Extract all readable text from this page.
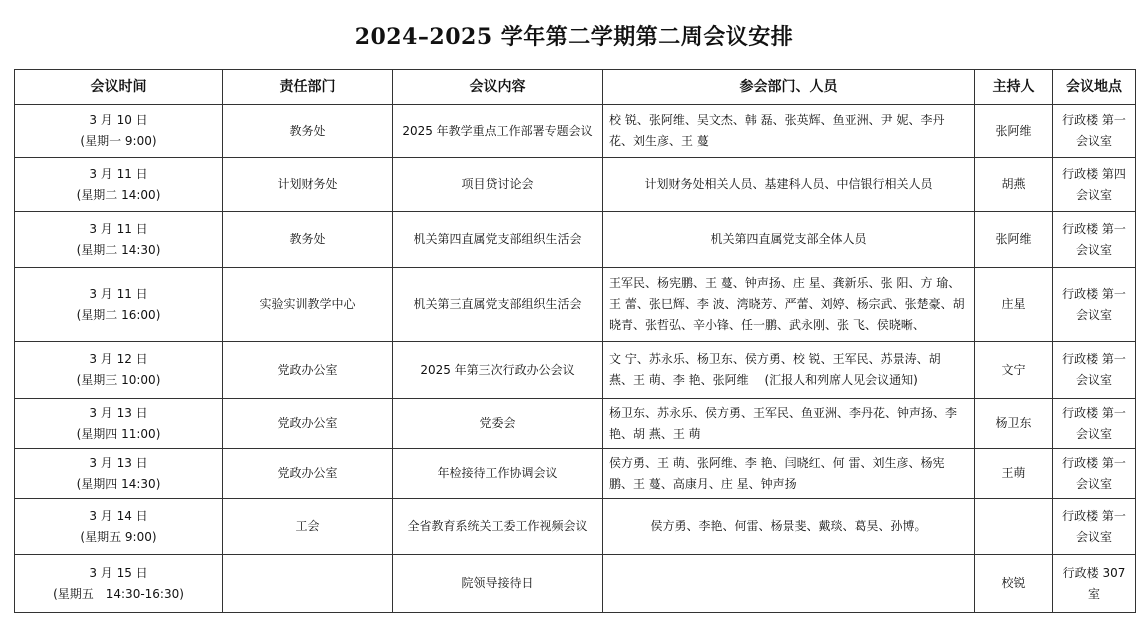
2024–2025 学年第二学期第二周会议安排
会议时间	责任部门	会议内容	参会部门、人员	主持人	会议地点

3 月 10 日
(星期一 9:00)	教务处	2025 年教学重点工作部署专题会议	校 锐、张阿维、吴文杰、韩 磊、张英辉、鱼亚洲、尹 妮、李丹花、刘生彦、王 蔓	张阿维	行政楼 第一会议室

3 月 11 日
(星期二 14:00)	计划财务处	项目贷讨论会	计划财务处相关人员、基建科人员、中信银行相关人员	胡燕	行政楼 第四会议室

3 月 11 日
(星期二 14:30)	教务处	机关第四直属党支部组织生活会	机关第四直属党支部全体人员	张阿维	行政楼 第一会议室

3 月 11 日
(星期二 16:00)	实验实训教学中心	机关第三直属党支部组织生活会	王军民、杨宪鹏、王 蔓、钟声扬、庄 星、龚新乐、张 阳、方 瑜、王 蕾、张巳辉、李 波、湾晓芳、严蕾、刘婷、杨宗武、张楚豪、胡晓青、张哲弘、辛小锋、任一鹏、武永刚、张 飞、侯晓晰、	庄星	行政楼 第一会议室

3 月 12 日
(星期三 10:00)	党政办公室	2025 年第三次行政办公会议	文 宁、苏永乐、杨卫东、侯方勇、校 锐、王军民、苏景涛、胡 燕、王 萌、李 艳、张阿维 　(汇报人和列席人见会议通知)	文宁	行政楼 第一会议室

3 月 13 日
(星期四 11:00)	党政办公室	党委会	杨卫东、苏永乐、侯方勇、王军民、鱼亚洲、李丹花、钟声扬、李 艳、胡 燕、王 萌	杨卫东	行政楼 第一会议室

3 月 13 日
(星期四 14:30)	党政办公室	年检接待工作协调会议	侯方勇、王 萌、张阿维、李 艳、闫晓红、何 雷、刘生彦、杨宪鹏、王 蔓、高康月、庄 星、钟声扬	王萌	行政楼 第一会议室

3 月 14 日
(星期五 9:00)	工会	全省教育系统关工委工作视频会议	侯方勇、李艳、何雷、杨景斐、戴琰、葛昊、孙博。		行政楼 第一会议室

3 月 15 日
(星期五　14:30-16:30)		院领导接待日		校锐	行政楼 307 室
